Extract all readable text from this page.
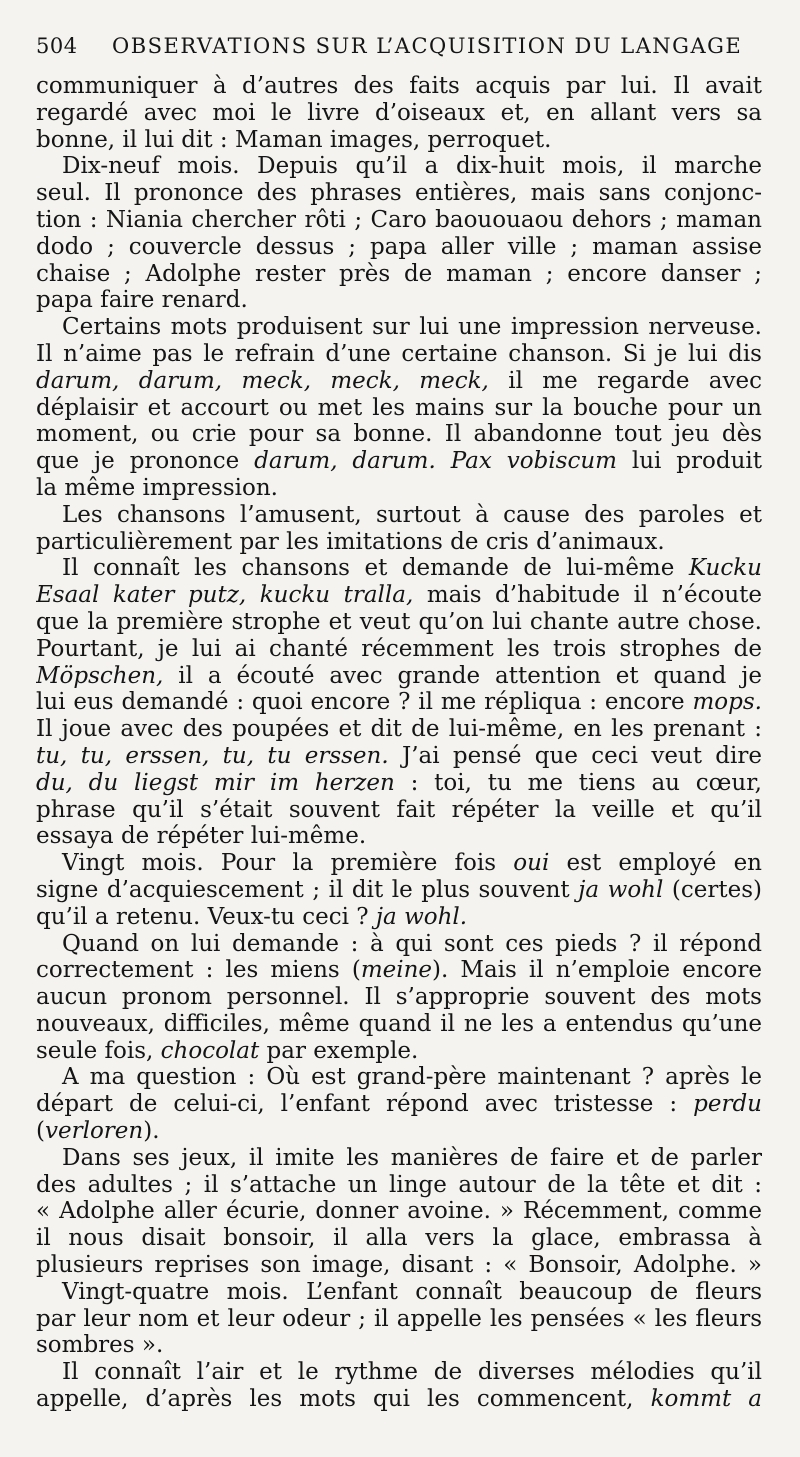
504 OBSERVATIONS SUR L’ACQUISITION DU LANGAGE
communiquer à d’autres des faits acquis par lui. Il avait
regardé avec moi le livre d’oiseaux et, en allant vers sa
bonne, il lui dit : Maman images, perroquet.
Dix-neuf mois. Depuis qu’il a dix-huit mois, il marche
seul. Il prononce des phrases entières, mais sans conjonc-
tion : Niania chercher rôti ; Caro baououaou dehors ; maman
dodo ; couvercle dessus ; papa aller ville ; maman assise
chaise ; Adolphe rester près de maman ; encore danser ;
papa faire renard.
Certains mots produisent sur lui une impression nerveuse.
Il n’aime pas le refrain d’une certaine chanson. Si je lui dis
darum, darum, meck, meck, meck, il me regarde avec
déplaisir et accourt ou met les mains sur la bouche pour un
moment, ou crie pour sa bonne. Il abandonne tout jeu dès
que je prononce darum, darum. Pax vobiscum lui produit
la même impression.
Les chansons l’amusent, surtout à cause des paroles et
particulièrement par les imitations de cris d’animaux.
Il connaît les chansons et demande de lui-même Kucku
Esaal kater putz, kucku tralla, mais d’habitude il n’écoute
que la première strophe et veut qu’on lui chante autre chose.
Pourtant, je lui ai chanté récemment les trois strophes de
Möpschen, il a écouté avec grande attention et quand je
lui eus demandé : quoi encore ? il me répliqua : encore mops.
Il joue avec des poupées et dit de lui-même, en les prenant :
tu, tu, erssen, tu, tu erssen. J’ai pensé que ceci veut dire
du, du liegst mir im herzen : toi, tu me tiens au cœur,
phrase qu’il s’était souvent fait répéter la veille et qu’il
essaya de répéter lui-même.
Vingt mois. Pour la première fois oui est employé en
signe d’acquiescement ; il dit le plus souvent ja wohl (certes)
qu’il a retenu. Veux-tu ceci ? ja wohl.
Quand on lui demande : à qui sont ces pieds ? il répond
correctement : les miens (meine). Mais il n’emploie encore
aucun pronom personnel. Il s’approprie souvent des mots
nouveaux, difficiles, même quand il ne les a entendus qu’une
seule fois, chocolat par exemple.
A ma question : Où est grand-père maintenant ? après le
départ de celui-ci, l’enfant répond avec tristesse : perdu
(verloren).
Dans ses jeux, il imite les manières de faire et de parler
des adultes ; il s’attache un linge autour de la tête et dit :
« Adolphe aller écurie, donner avoine. » Récemment, comme
il nous disait bonsoir, il alla vers la glace, embrassa à
plusieurs reprises son image, disant : « Bonsoir, Adolphe. »
Vingt-quatre mois. L’enfant connaît beaucoup de fleurs
par leur nom et leur odeur ; il appelle les pensées « les fleurs
sombres ».
Il connaît l’air et le rythme de diverses mélodies qu’il
appelle, d’après les mots qui les commencent, kommt a
